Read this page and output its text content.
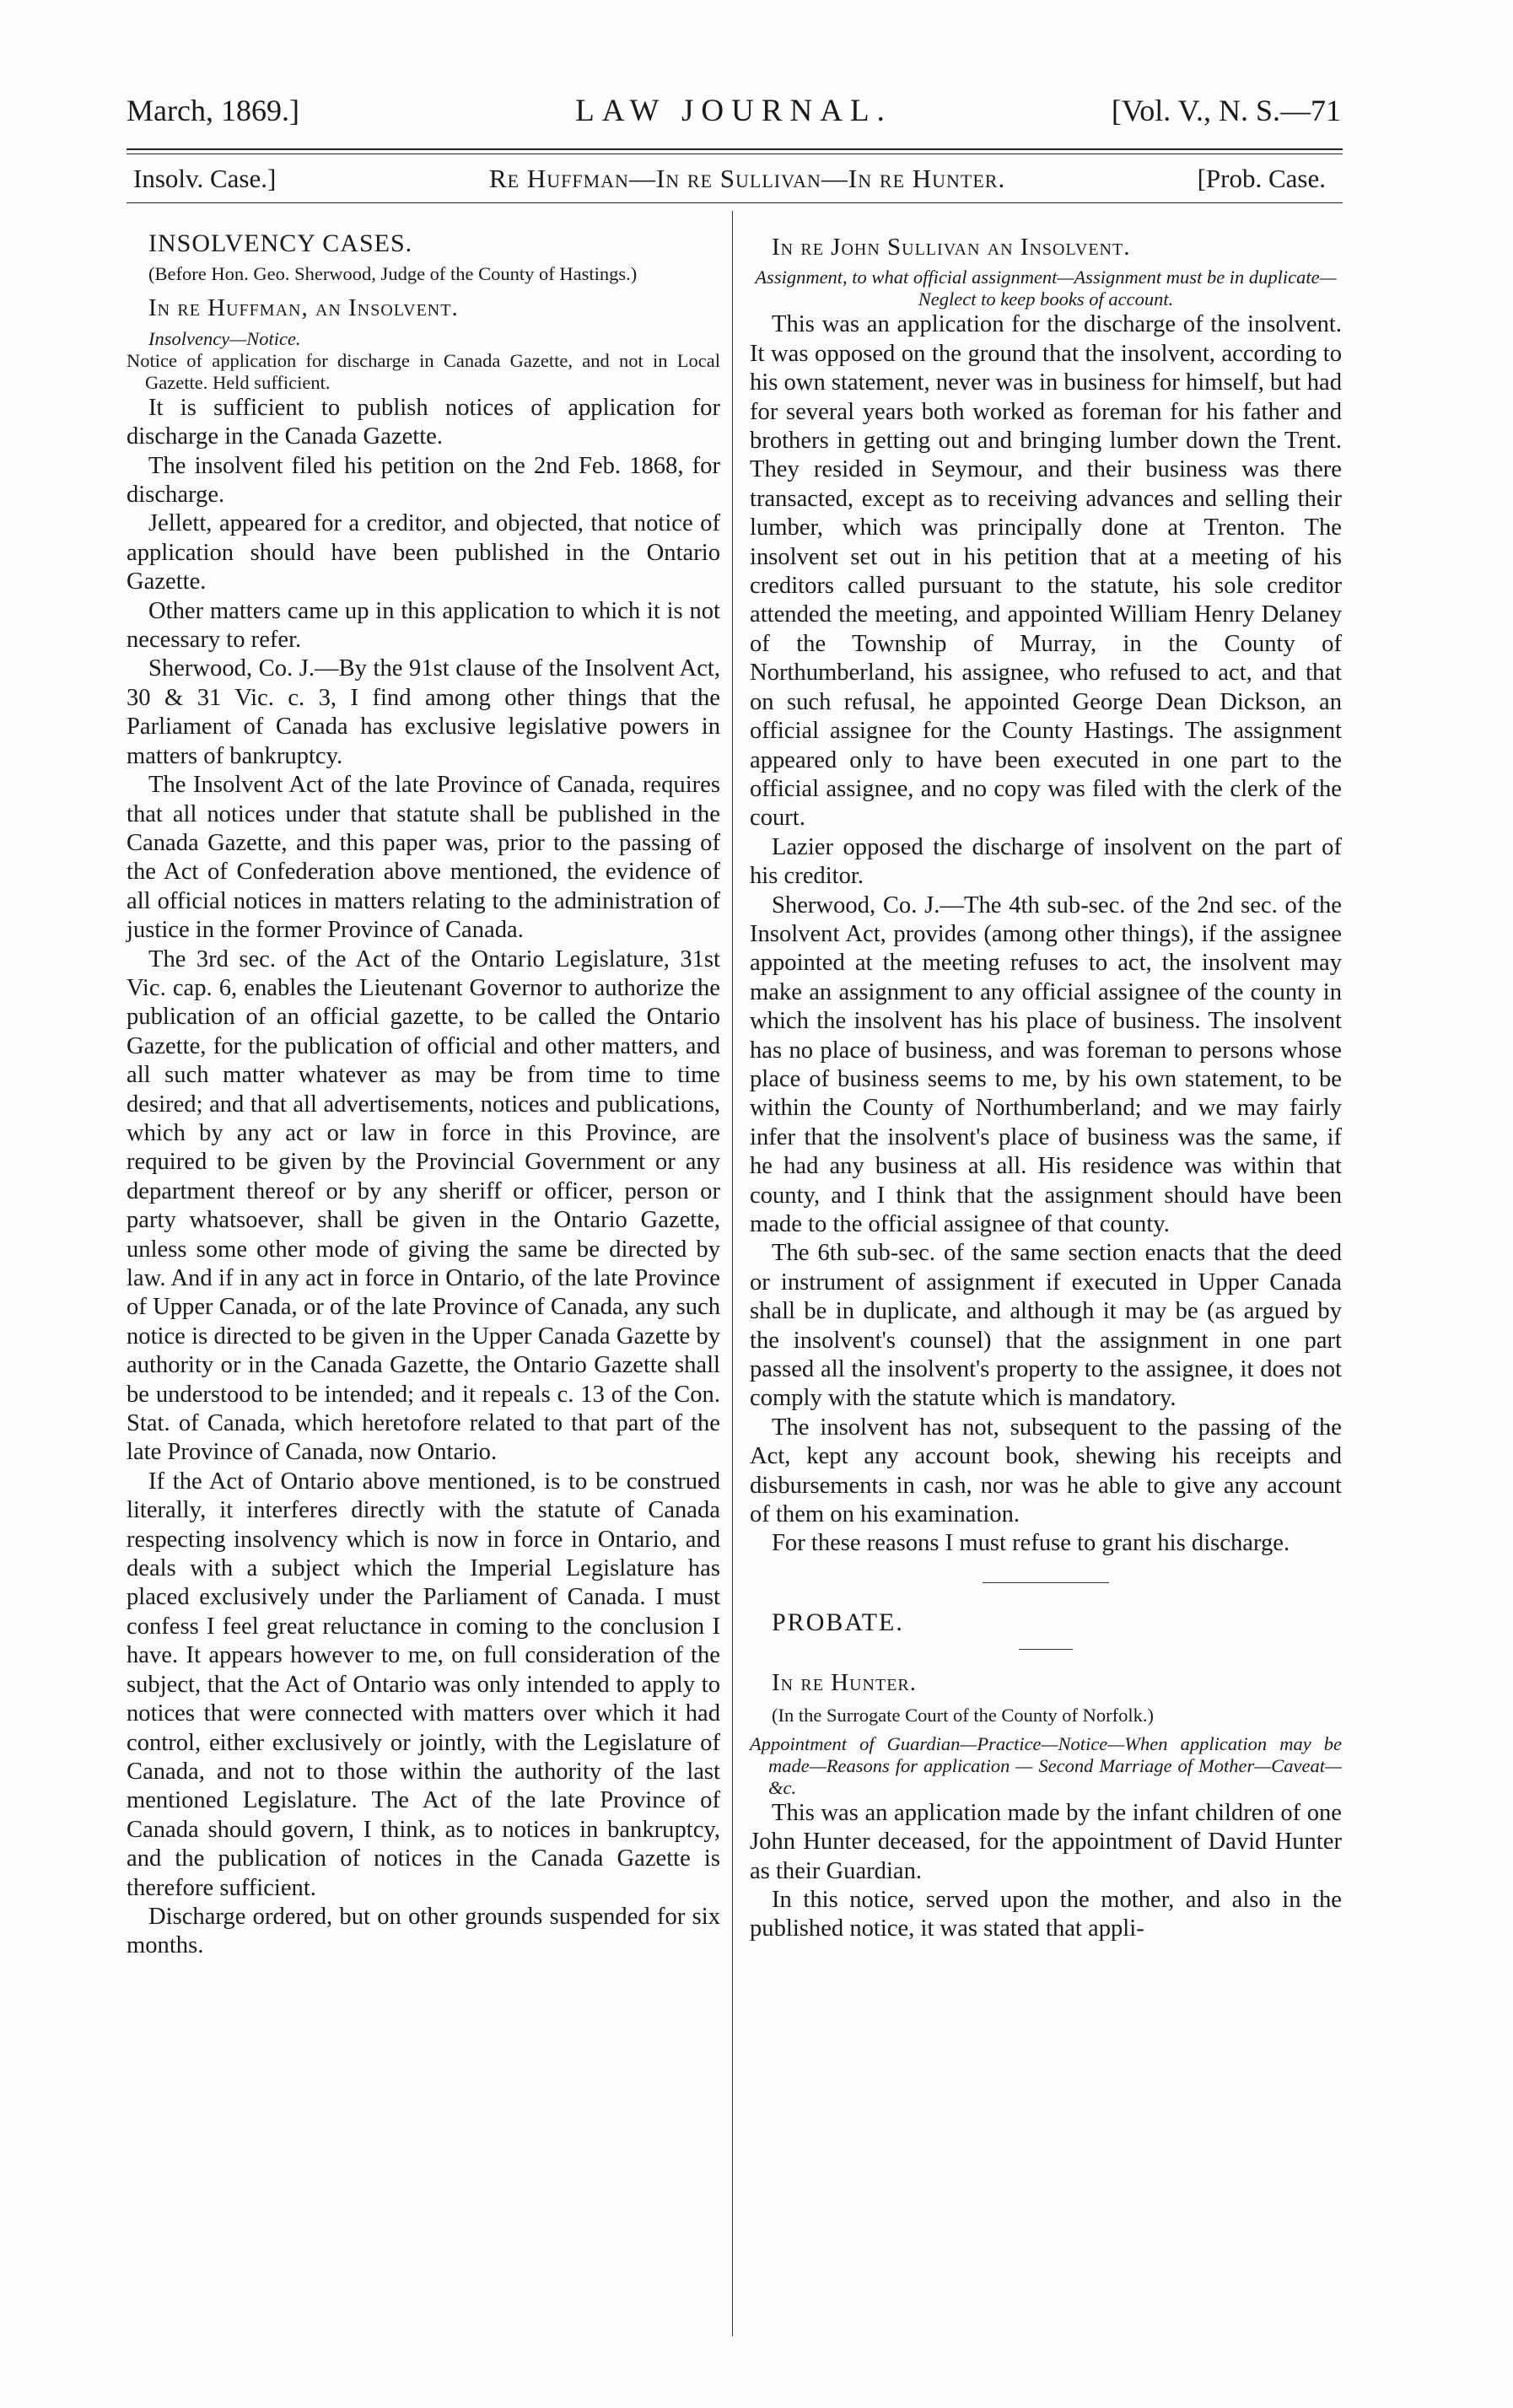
March, 1869.]	LAW JOURNAL.	[Vol. V., N. S.—71
Insolv. Case.]	Re Huffman—In re Sullivan—In re Hunter.	[Prob. Case.

INSOLVENCY CASES.

(Before Hon. Geo. Sherwood, Judge of the County of Hastings.)

In re Huffman, an Insolvent.

Insolvency—Notice.

Notice of application for discharge in Canada Gazette, and not in Local Gazette. Held sufficient.

It is sufficient to publish notices of application for discharge in the Canada Gazette.

The insolvent filed his petition on the 2nd Feb. 1868, for discharge.

Jellett, appeared for a creditor, and objected, that notice of application should have been published in the Ontario Gazette.

Other matters came up in this application to which it is not necessary to refer.

Sherwood, Co. J.—By the 91st clause of the Insolvent Act, 30 & 31 Vic. c. 3, I find among other things that the Parliament of Canada has exclusive legislative powers in matters of bankruptcy.

The Insolvent Act of the late Province of Canada, requires that all notices under that statute shall be published in the Canada Gazette, and this paper was, prior to the passing of the Act of Confederation above mentioned, the evidence of all official notices in matters relating to the administration of justice in the former Province of Canada.

The 3rd sec. of the Act of the Ontario Legislature, 31st Vic. cap. 6, enables the Lieutenant Governor to authorize the publication of an official gazette, to be called the Ontario Gazette, for the publication of official and other matters, and all such matter whatever as may be from time to time desired; and that all advertisements, notices and publications, which by any act or law in force in this Province, are required to be given by the Provincial Government or any department thereof or by any sheriff or officer, person or party whatsoever, shall be given in the Ontario Gazette, unless some other mode of giving the same be directed by law. And if in any act in force in Ontario, of the late Province of Upper Canada, or of the late Province of Canada, any such notice is directed to be given in the Upper Canada Gazette by authority or in the Canada Gazette, the Ontario Gazette shall be understood to be intended; and it repeals c. 13 of the Con. Stat. of Canada, which heretofore related to that part of the late Province of Canada, now Ontario.

If the Act of Ontario above mentioned, is to be construed literally, it interferes directly with the statute of Canada respecting insolvency which is now in force in Ontario, and deals with a subject which the Imperial Legislature has placed exclusively under the Parliament of Canada. I must confess I feel great reluctance in coming to the conclusion I have. It appears however to me, on full consideration of the subject, that the Act of Ontario was only intended to apply to notices that were connected with matters over which it had control, either exclusively or jointly, with the Legislature of Canada, and not to those within the authority of the last mentioned Legislature. The Act of the late Province of Canada should govern, I think, as to notices in bankruptcy, and the publication of notices in the Canada Gazette is therefore sufficient.

Discharge ordered, but on other grounds suspended for six months.

In re John Sullivan an Insolvent.

Assignment, to what official assignment—Assignment must be in duplicate—Neglect to keep books of account.

This was an application for the discharge of the insolvent. It was opposed on the ground that the insolvent, according to his own statement, never was in business for himself, but had for several years both worked as foreman for his father and brothers in getting out and bringing lumber down the Trent. They resided in Seymour, and their business was there transacted, except as to receiving advances and selling their lumber, which was principally done at Trenton. The insolvent set out in his petition that at a meeting of his creditors called pursuant to the statute, his sole creditor attended the meeting, and appointed William Henry Delaney of the Township of Murray, in the County of Northumberland, his assignee, who refused to act, and that on such refusal, he appointed George Dean Dickson, an official assignee for the County Hastings. The assignment appeared only to have been executed in one part to the official assignee, and no copy was filed with the clerk of the court.

Lazier opposed the discharge of insolvent on the part of his creditor.

Sherwood, Co. J.—The 4th sub-sec. of the 2nd sec. of the Insolvent Act, provides (among other things), if the assignee appointed at the meeting refuses to act, the insolvent may make an assignment to any official assignee of the county in which the insolvent has his place of business. The insolvent has no place of business, and was foreman to persons whose place of business seems to me, by his own statement, to be within the County of Northumberland; and we may fairly infer that the insolvent's place of business was the same, if he had any business at all. His residence was within that county, and I think that the assignment should have been made to the official assignee of that county.

The 6th sub-sec. of the same section enacts that the deed or instrument of assignment if executed in Upper Canada shall be in duplicate, and although it may be (as argued by the insolvent's counsel) that the assignment in one part passed all the insolvent's property to the assignee, it does not comply with the statute which is mandatory.

The insolvent has not, subsequent to the passing of the Act, kept any account book, shewing his receipts and disbursements in cash, nor was he able to give any account of them on his examination.

For these reasons I must refuse to grant his discharge.

PROBATE.

In re Hunter.

(In the Surrogate Court of the County of Norfolk.)

Appointment of Guardian—Practice—Notice—When application may be made—Reasons for application — Second Marriage of Mother—Caveat—&c.

This was an application made by the infant children of one John Hunter deceased, for the appointment of David Hunter as their Guardian.

In this notice, served upon the mother, and also in the published notice, it was stated that appli-
